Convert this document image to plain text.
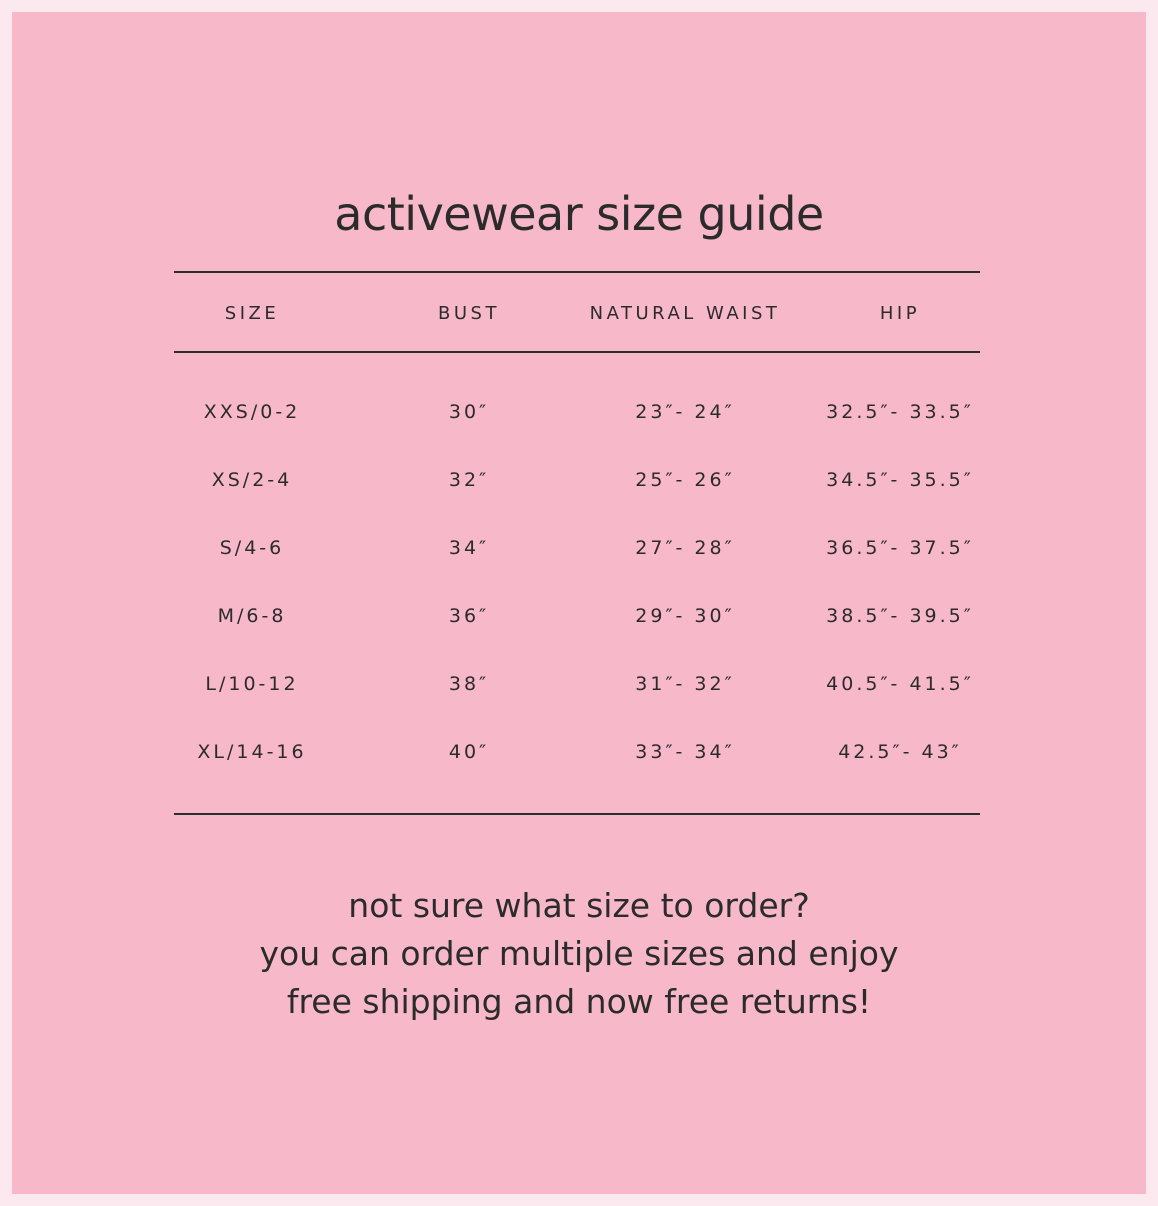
activewear size guide
SIZE	BUST	NATURAL WAIST	HIP
XXS/0-2	30″	23″- 24″	32.5″- 33.5″
XS/2-4	32″	25″- 26″	34.5″- 35.5″
S/4-6	34″	27″- 28″	36.5″- 37.5″
M/6-8	36″	29″- 30″	38.5″- 39.5″
L/10-12	38″	31″- 32″	40.5″- 41.5″
XL/14-16	40″	33″- 34″	42.5″- 43″
not sure what size to order?
you can order multiple sizes and enjoy
free shipping and now free returns!
